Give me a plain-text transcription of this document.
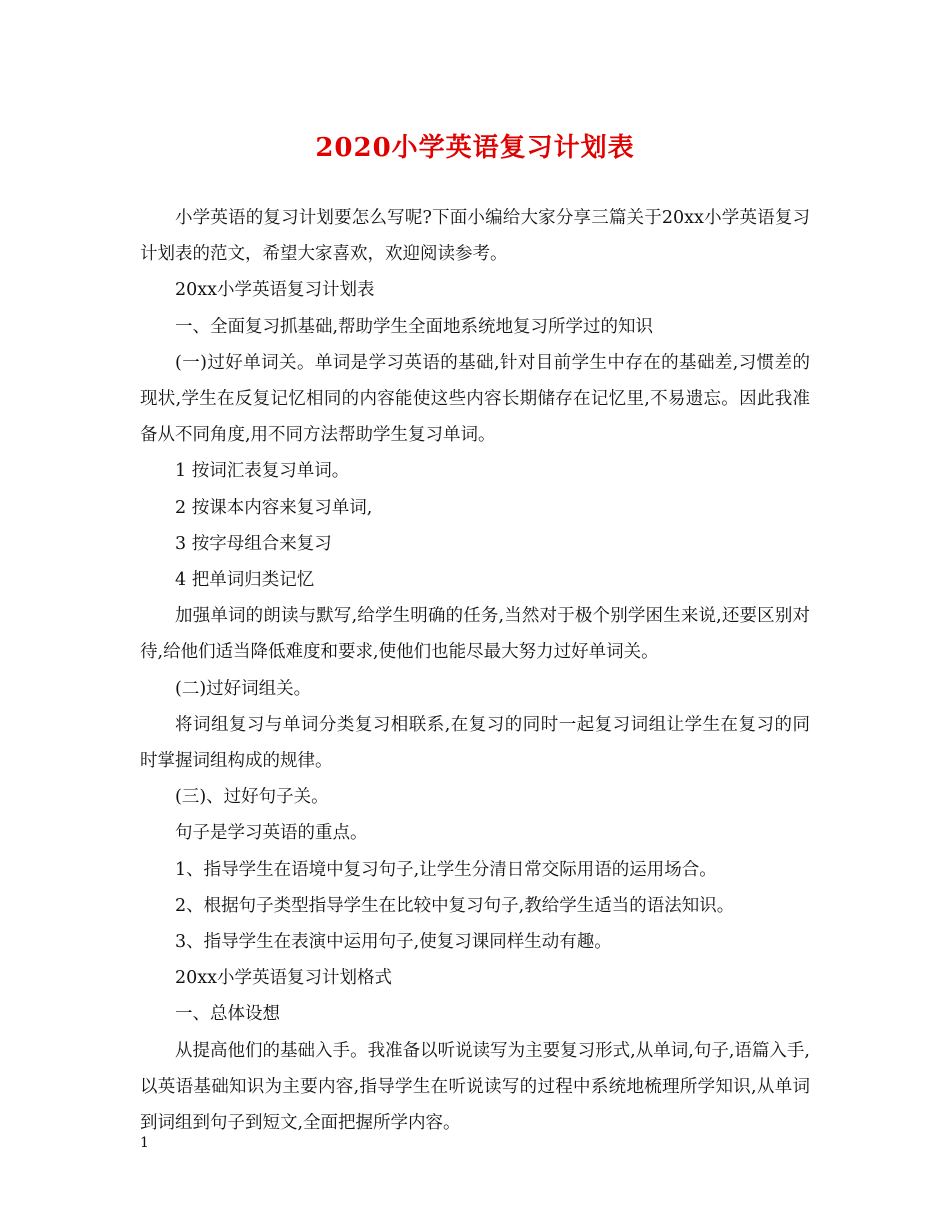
2020小学英语复习计划表

小学英语的复习计划要怎么写呢?下面小编给大家分享三篇关于20xx小学英语复习计划表的范文，希望大家喜欢，欢迎阅读参考。

20xx小学英语复习计划表

一、全面复习抓基础,帮助学生全面地系统地复习所学过的知识

(一)过好单词关。单词是学习英语的基础,针对目前学生中存在的基础差,习惯差的现状,学生在反复记忆相同的内容能使这些内容长期储存在记忆里,不易遗忘。因此我准备从不同角度,用不同方法帮助学生复习单词。

1 按词汇表复习单词。

2 按课本内容来复习单词,

3 按字母组合来复习

4 把单词归类记忆

加强单词的朗读与默写,给学生明确的任务,当然对于极个别学困生来说,还要区别对待,给他们适当降低难度和要求,使他们也能尽最大努力过好单词关。

(二)过好词组关。

将词组复习与单词分类复习相联系,在复习的同时一起复习词组让学生在复习的同时掌握词组构成的规律。

(三)、过好句子关。

句子是学习英语的重点。

1、指导学生在语境中复习句子,让学生分清日常交际用语的运用场合。

2、根据句子类型指导学生在比较中复习句子,教给学生适当的语法知识。

3、指导学生在表演中运用句子,使复习课同样生动有趣。

20xx小学英语复习计划格式

一、总体设想

从提高他们的基础入手。我准备以听说读写为主要复习形式,从单词,句子,语篇入手,以英语基础知识为主要内容,指导学生在听说读写的过程中系统地梳理所学知识,从单词到词组到句子到短文,全面把握所学内容。

1
